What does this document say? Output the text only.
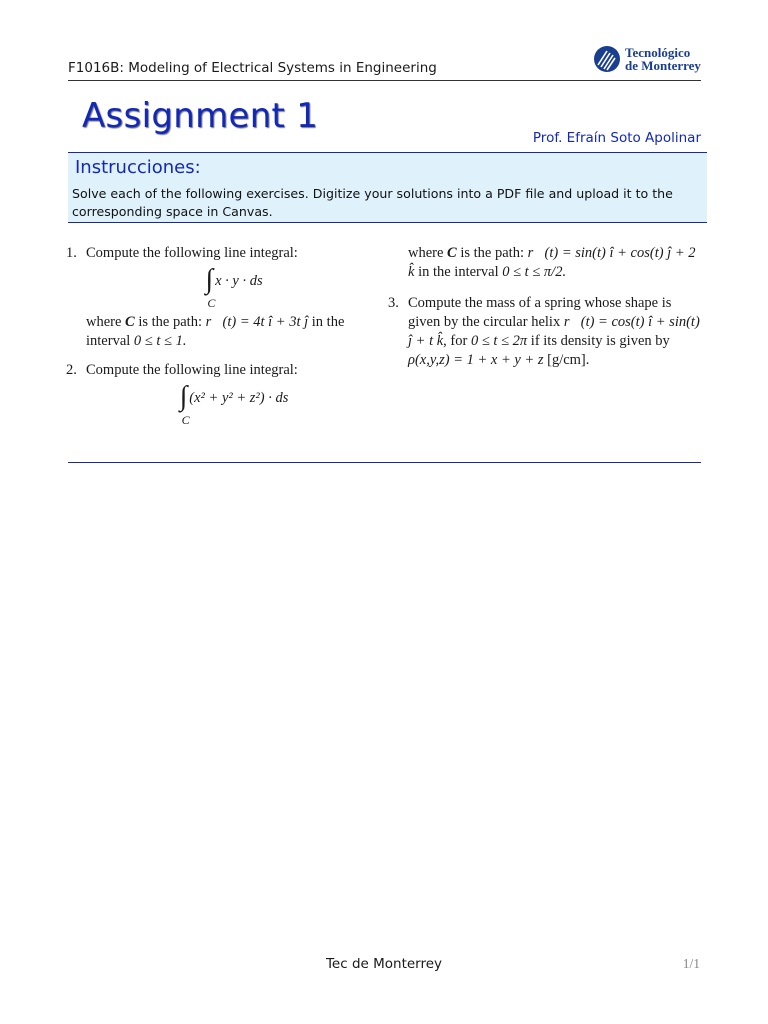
F1016B: Modeling of Electrical Systems in Engineering
Tecnológico
de Monterrey
Assignment 1
Prof. Efraín Soto Apolinar
Instrucciones:
Solve each of the following exercises. Digitize your solutions into a PDF file and upload it to the corresponding space in Canvas.
1. Compute the following line integral:
∫
C
x · y · ds
where C is the path: r⃗(t) = 4t î + 3t ĵ in the interval 0 ≤ t ≤ 1.
2. Compute the following line integral:
∫
C
(x² + y² + z²) · ds
where C is the path: r⃗(t) = sin(t) î + cos(t) ĵ + 2 k̂ in the interval 0 ≤ t ≤ π/2.
3. Compute the mass of a spring whose shape is given by the circular helix r⃗(t) = cos(t) î + sin(t) ĵ + t k̂, for 0 ≤ t ≤ 2π if its density is given by ρ(x,y,z) = 1 + x + y + z [g/cm].
Tec de Monterrey	1/1
